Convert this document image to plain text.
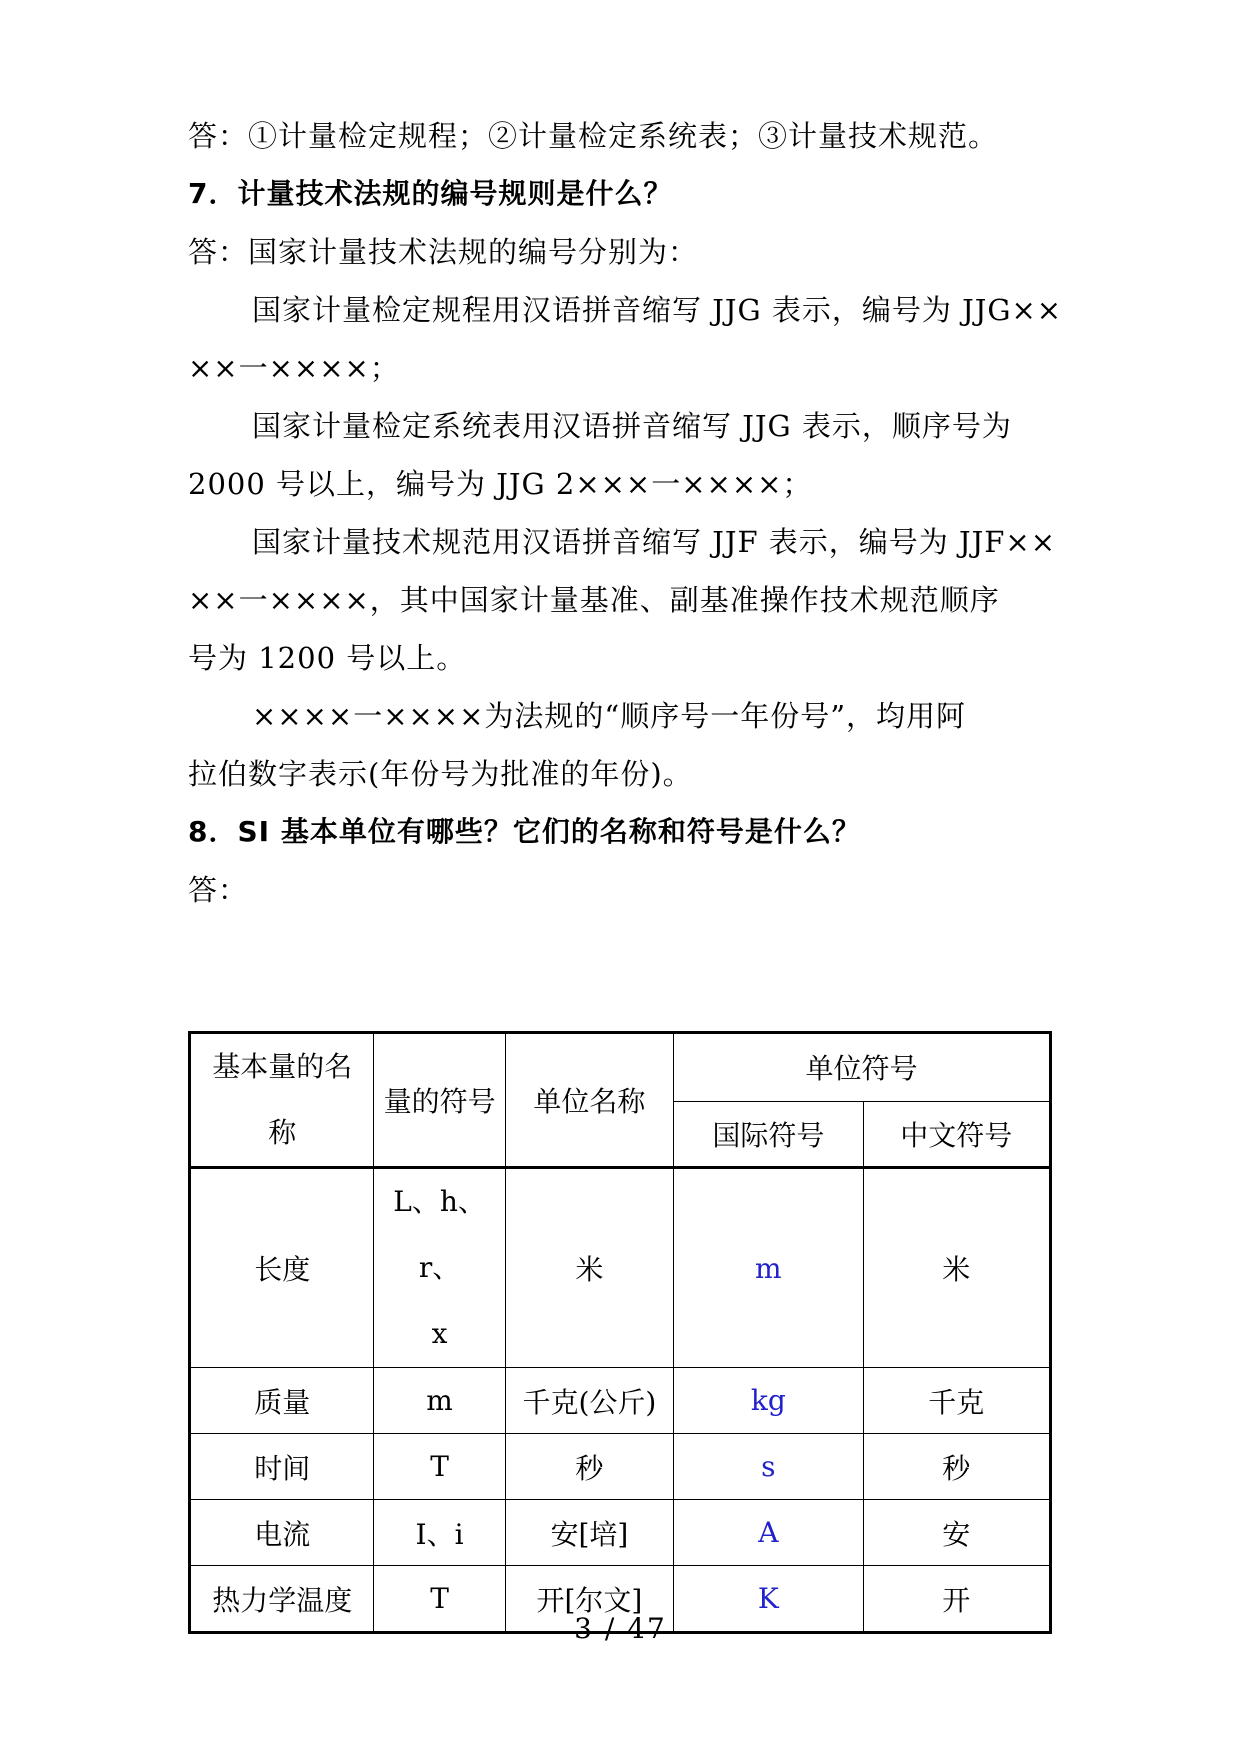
答：①计量检定规程；②计量检定系统表；③计量技术规范。
7．计量技术法规的编号规则是什么？
答：国家计量技术法规的编号分别为：
国家计量检定规程用汉语拼音缩写 JJG 表示，编号为 JJG××
××一××××；
国家计量检定系统表用汉语拼音缩写 JJG 表示，顺序号为
2000 号以上，编号为 JJG 2×××一××××；
国家计量技术规范用汉语拼音缩写 JJF 表示，编号为 JJF××
××一××××，其中国家计量基准、副基准操作技术规范顺序
号为 1200 号以上。
××××一××××为法规的“顺序号一年份号”，均用阿
拉伯数字表示(年份号为批准的年份)。
8．SI 基本单位有哪些？它们的名称和符号是什么？
答：
基本量的名
称	量的符号	单位名称	单位符号	
			国际符号	中文符号
长度	L、h、r、
x	米	m	米
质量	m	千克(公斤)	kg	千克
时间	T	秒	s	秒
电流	I、i	安[培]	A	安
热力学温度	T	开[尔文]	K	开
3 / 47
